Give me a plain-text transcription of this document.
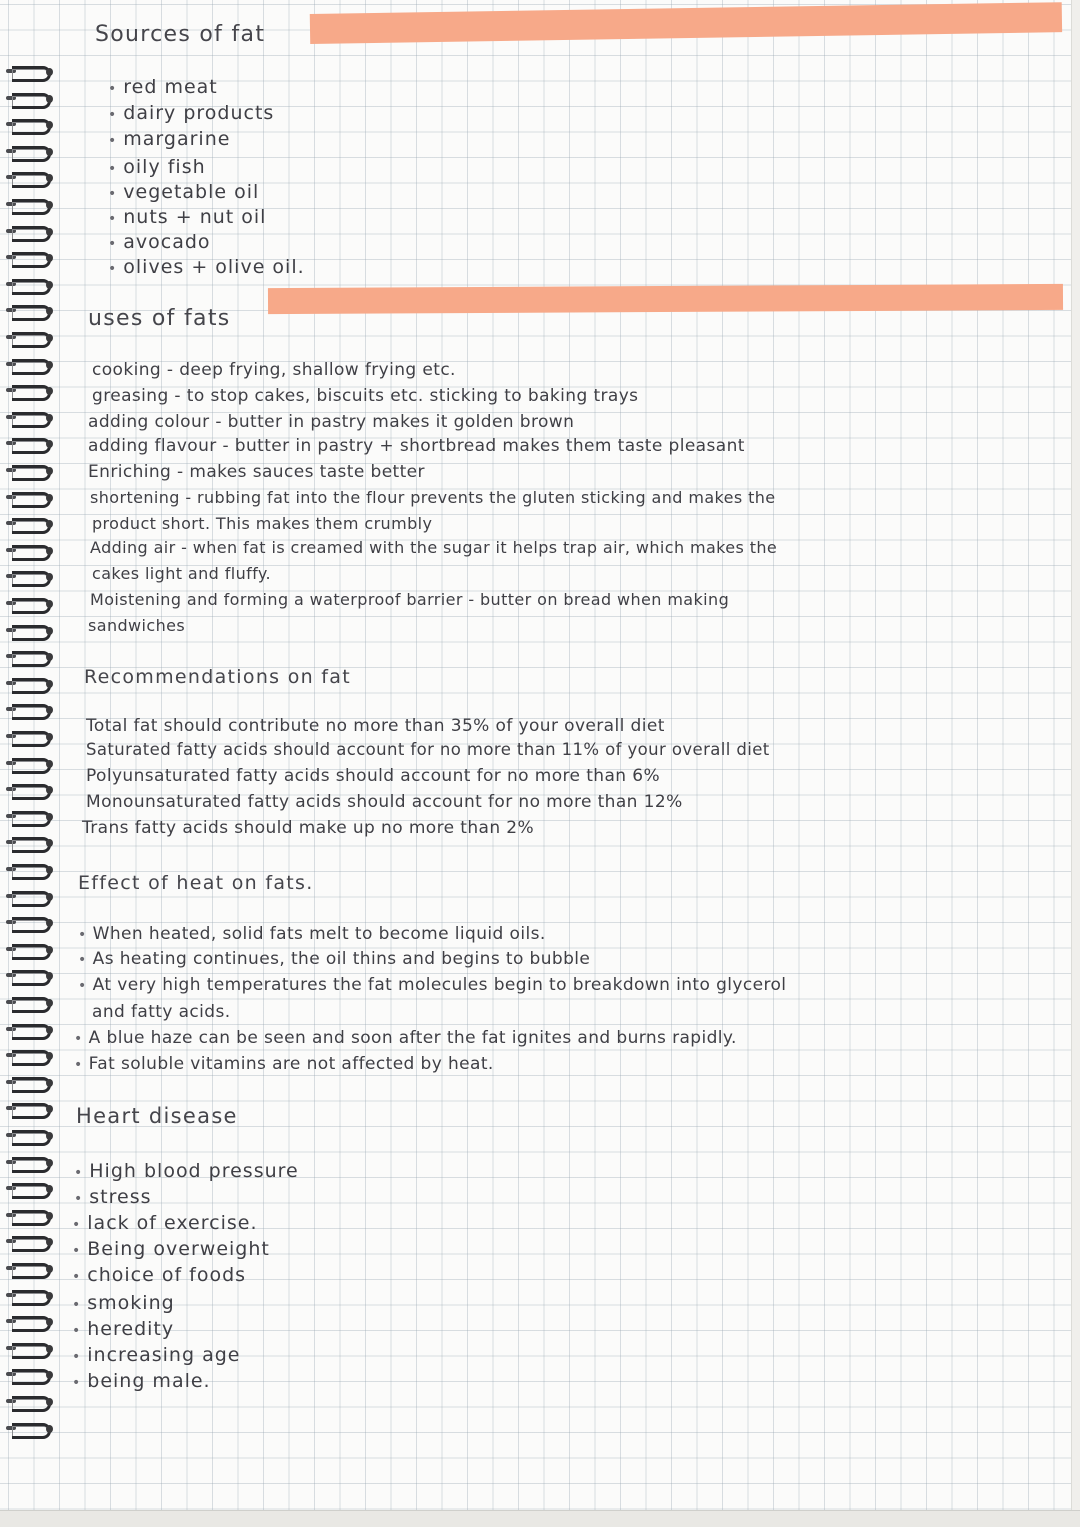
Sources of fat
• red meat
• dairy products
• margarine
• oily fish
• vegetable oil
• nuts + nut oil
• avocado
• olives + olive oil.
uses of fats
cooking - deep frying, shallow frying etc.
greasing - to stop cakes, biscuits etc. sticking to baking trays
adding colour - butter in pastry makes it golden brown
adding flavour - butter in pastry + shortbread makes them taste pleasant
Enriching - makes sauces taste better
shortening - rubbing fat into the flour prevents the gluten sticking and makes the
product short. This makes them crumbly
Adding air - when fat is creamed with the sugar it helps trap air, which makes the
cakes light and fluffy.
Moistening and forming a waterproof barrier - butter on bread when making
sandwiches
Recommendations on fat
Total fat should contribute no more than 35% of your overall diet
Saturated fatty acids should account for no more than 11% of your overall diet
Polyunsaturated fatty acids should account for no more than 6%
Monounsaturated fatty acids should account for no more than 12%
Trans fatty acids should make up no more than 2%
Effect of heat on fats.
• When heated, solid fats melt to become liquid oils.
• As heating continues, the oil thins and begins to bubble
• At very high temperatures the fat molecules begin to breakdown into glycerol
and fatty acids.
• A blue haze can be seen and soon after the fat ignites and burns rapidly.
• Fat soluble vitamins are not affected by heat.
Heart disease
• High blood pressure
• stress
• lack of exercise.
• Being overweight
• choice of foods
• smoking
• heredity
• increasing age
• being male.
